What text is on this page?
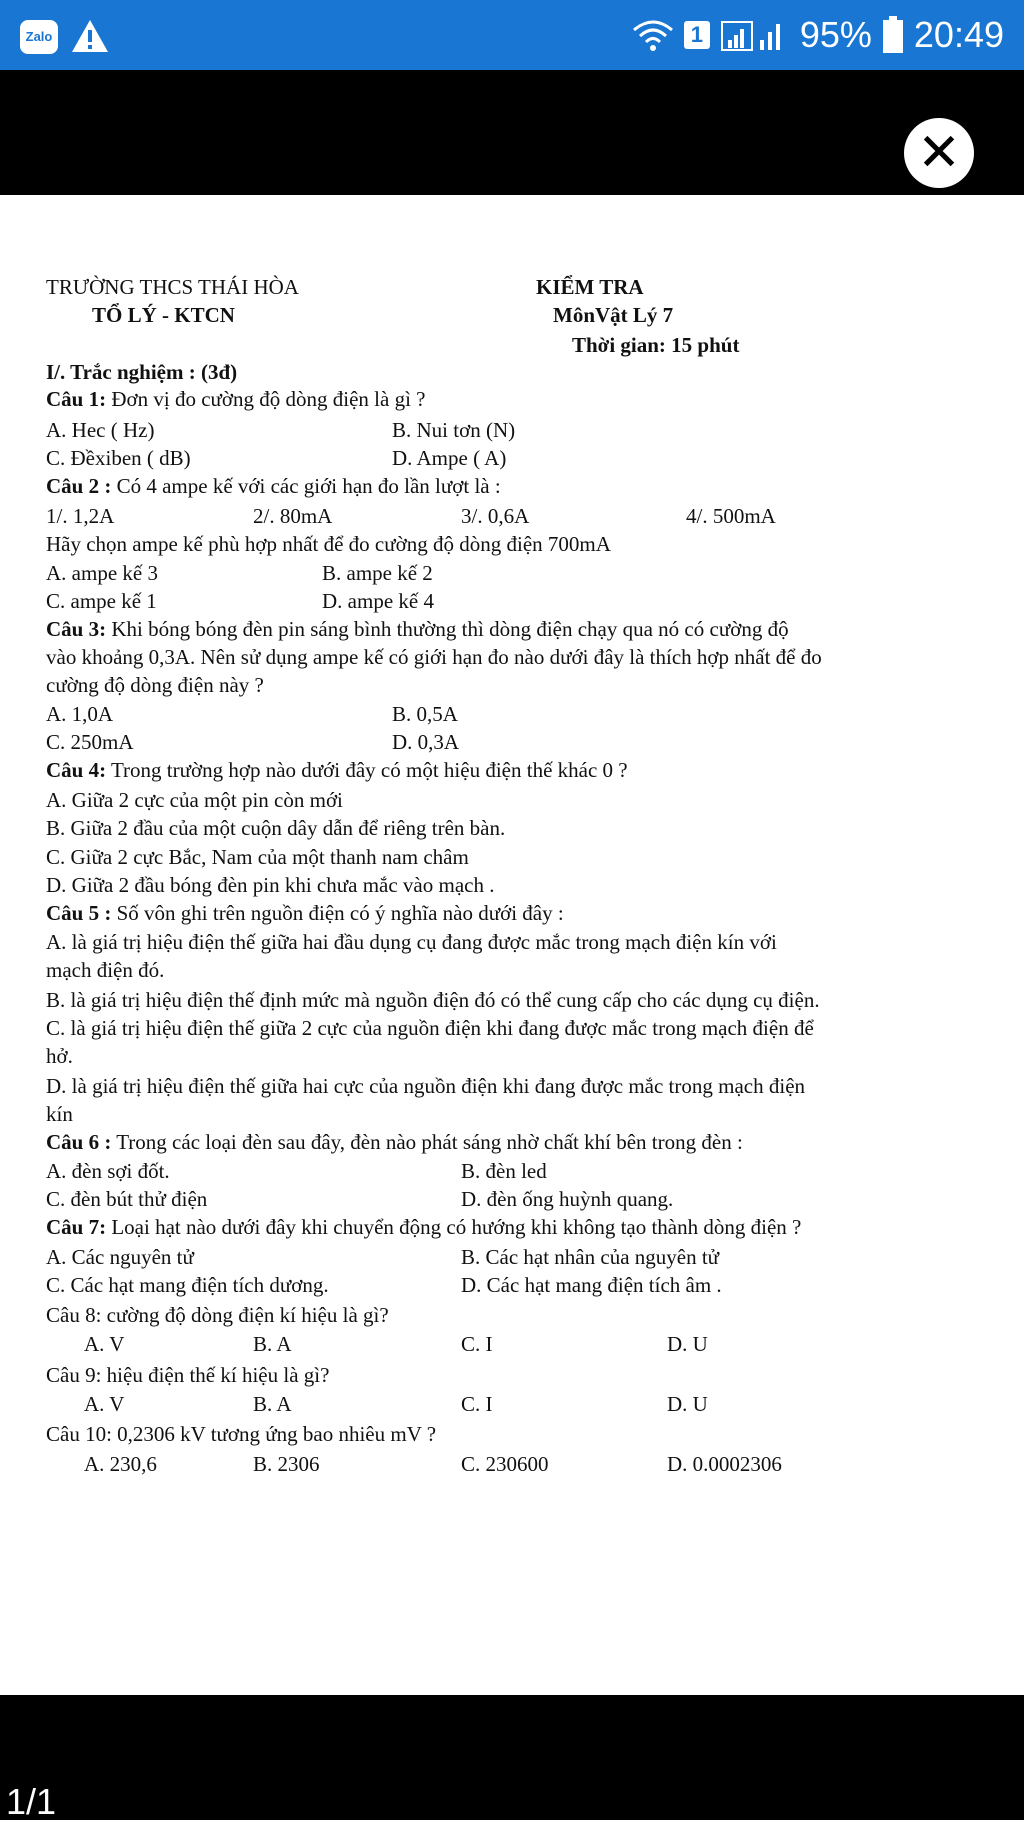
Zalo	1	95% 20:49
✕
TRƯỜNG THCS THÁI HÒA
TỔ LÝ - KTCN
KIỂM TRA
MônVật Lý 7
Thời gian: 15 phút
I/. Trắc nghiệm : (3đ)
Câu 1: Đơn vị đo cường độ dòng điện là gì ?
A. Hec ( Hz)	B. Nui tơn (N)
C. Đềxiben ( dB)	D. Ampe ( A)
Câu 2 : Có 4 ampe kế với các giới hạn đo lần lượt là :
1/. 1,2A	2/. 80mA	3/. 0,6A	4/. 500mA
Hãy chọn ampe kế phù hợp nhất để đo cường độ dòng điện 700mA
A. ampe kế 3	B. ampe kế 2
C. ampe kế 1	D. ampe kế 4
Câu 3: Khi bóng bóng đèn pin sáng bình thường thì dòng điện chạy qua nó có cường độ
vào khoảng 0,3A. Nên sử dụng ampe kế có giới hạn đo nào dưới đây là thích hợp nhất để đo
cường độ dòng điện này ?
A. 1,0A	B. 0,5A
C. 250mA	D. 0,3A
Câu 4: Trong trường hợp nào dưới đây có một hiệu điện thế khác 0 ?
A. Giữa 2 cực của một pin còn mới
B. Giữa 2 đầu của một cuộn dây dẫn để riêng trên bàn.
C. Giữa 2 cực Bắc, Nam của một thanh nam châm
D. Giữa 2 đầu bóng đèn pin khi chưa mắc vào mạch .
Câu 5 : Số vôn ghi trên nguồn điện có ý nghĩa nào dưới đây :
A. là giá trị hiệu điện thế giữa hai đầu dụng cụ đang được mắc trong mạch điện kín với
mạch điện đó.
B. là giá trị hiệu điện thế định mức mà nguồn điện đó có thể cung cấp cho các dụng cụ điện.
C. là giá trị hiệu điện thế giữa 2 cực của nguồn điện khi đang được mắc trong mạch điện để
hở.
D. là giá trị hiệu điện thế giữa hai cực của nguồn điện khi đang được mắc trong mạch điện
kín
Câu 6 : Trong các loại đèn sau đây, đèn nào phát sáng nhờ chất khí bên trong đèn :
A. đèn sợi đốt.	B. đèn led
C. đèn bút thử điện	D. đèn ống huỳnh quang.
Câu 7: Loại hạt nào dưới đây khi chuyển động có hướng khi không tạo thành dòng điện ?
A. Các nguyên tử	B. Các hạt nhân của nguyên tử
C. Các hạt mang điện tích dương.	D. Các hạt mang điện tích âm .
Câu 8: cường độ dòng điện kí hiệu là gì?
A. V	B. A	C. I	D. U
Câu 9: hiệu điện thế kí hiệu là gì?
A. V	B. A	C. I	D. U
Câu 10: 0,2306 kV tương ứng bao nhiêu mV ?
A. 230,6	B. 2306	C. 230600	D. 0.0002306
1/1
